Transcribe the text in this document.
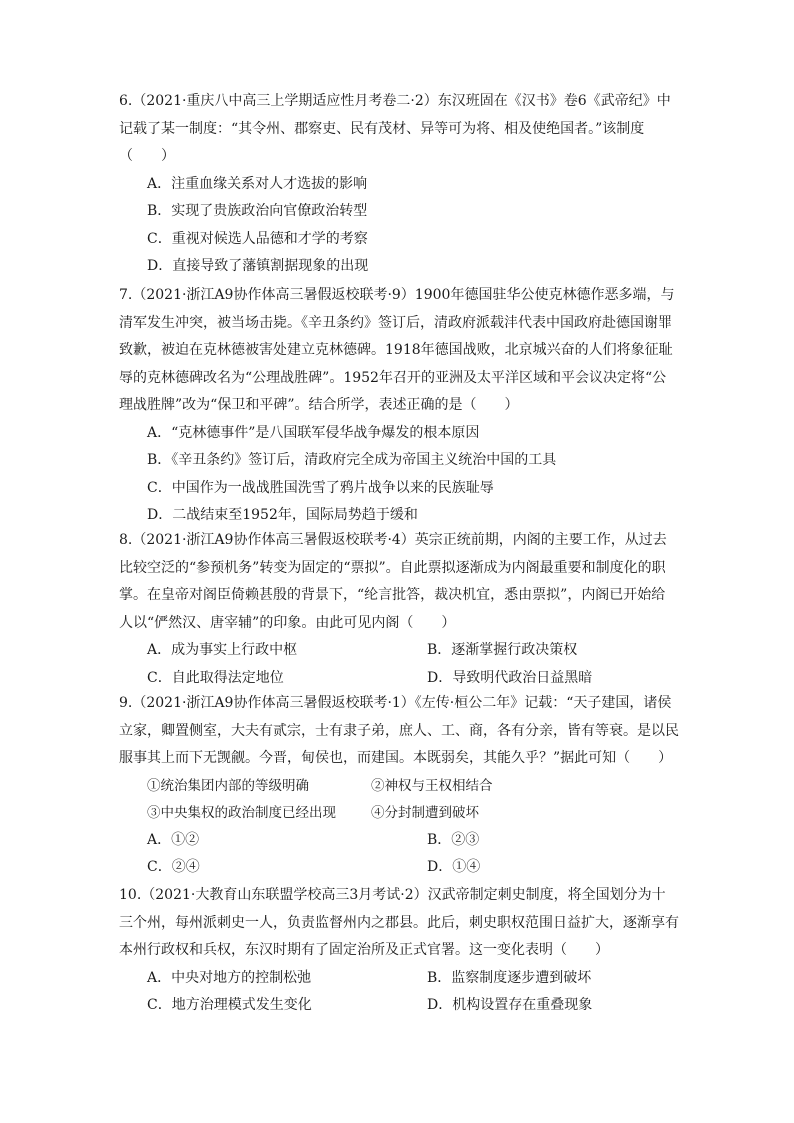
6.（2021·重庆八中高三上学期适应性月考卷二·2）东汉班固在《汉书》卷6《武帝纪》中记载了某一制度：“其令州、郡察吏、民有茂材、异等可为将、相及使绝国者。”该制度（　　）
A．注重血缘关系对人才选拔的影响
B．实现了贵族政治向官僚政治转型
C．重视对候选人品德和才学的考察
D．直接导致了藩镇割据现象的出现
7.（2021·浙江A9协作体高三暑假返校联考·9）1900年德国驻华公使克林德作恶多端，与清军发生冲突，被当场击毙。《辛丑条约》签订后，清政府派载沣代表中国政府赴德国谢罪致歉，被迫在克林德被害处建立克林德碑。1918年德国战败，北京城兴奋的人们将象征耻辱的克林德碑改名为“公理战胜碑”。1952年召开的亚洲及太平洋区域和平会议决定将“公理战胜牌”改为“保卫和平碑”。结合所学，表述正确的是（　　）
A．“克林德事件”是八国联军侵华战争爆发的根本原因
B．《辛丑条约》签订后，清政府完全成为帝国主义统治中国的工具
C．中国作为一战战胜国洗雪了鸦片战争以来的民族耻辱
D．二战结束至1952年，国际局势趋于缓和
8.（2021·浙江A9协作体高三暑假返校联考·4）英宗正统前期，内阁的主要工作，从过去比较空泛的“参预机务”转变为固定的“票拟”。自此票拟逐渐成为内阁最重要和制度化的职掌。在皇帝对阁臣倚赖甚殷的背景下，“纶言批答，裁决机宜，悉由票拟”，内阁已开始给人以“俨然汉、唐宰辅”的印象。由此可见内阁（　　）
A．成为事实上行政中枢	B．逐渐掌握行政决策权
C．自此取得法定地位	D．导致明代政治日益黑暗
9.（2021·浙江A9协作体高三暑假返校联考·1）《左传·桓公二年》记载：“天子建国，诸侯立家，卿置侧室，大夫有贰宗，士有隶子弟，庶人、工、商，各有分亲，皆有等衰。是以民服事其上而下无觊觎。今晋，甸侯也，而建国。本既弱矣，其能久乎？”据此可知（　　）
①统治集团内部的等级明确	②神权与王权相结合
③中央集权的政治制度已经出现	④分封制遭到破坏
A．①②	B．②③
C．②④	D．①④
10.（2021·大教育山东联盟学校高三3月考试·2）汉武帝制定刺史制度，将全国划分为十三个州，每州派刺史一人，负责监督州内之郡县。此后，刺史职权范围日益扩大，逐渐享有本州行政权和兵权，东汉时期有了固定治所及正式官署。这一变化表明（　　）
A．中央对地方的控制松弛	B．监察制度逐步遭到破坏
C．地方治理模式发生变化	D．机构设置存在重叠现象
